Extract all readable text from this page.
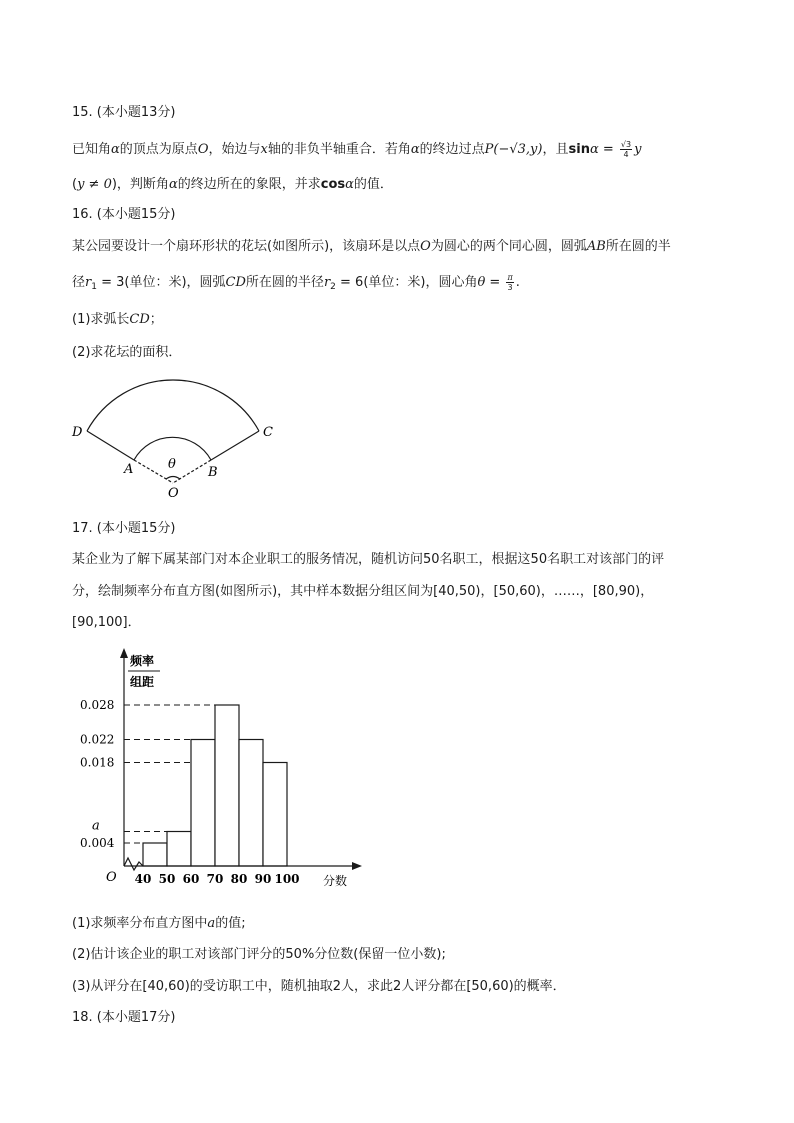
15. (本小题13分)
已知角α的顶点为原点O，始边与x轴的非负半轴重合．若角α的终边过点P(−√3,y)，且$\sin\alpha = \frac{√3}{4}$ y
(y ≠ 0)，判断角α的终边所在的象限，并求cosα的值．
16. (本小题15分)
某公园要设计一个扇环形状的花坛(如图所示)，该扇环是以点O为圆心的两个同心圆，圆弧AB所在圆的半
径$r_1 = 3$(单位：米)，圆弧CD所在圆的半径$r_2 = 6$(单位：米)，圆心角$\theta = \frac{\pi}{3}$ .
(1)求弧长CD；
(2)求花坛的面积．
D	C
A	B
O
θ
17. (本小题15分)
某企业为了解下属某部门对本企业职工的服务情况，随机访问50名职工，根据这50名职工对该部门的评
分，绘制频率分布直方图(如图所示)，其中样本数据分组区间为[40,50)，[50,60)，……，[80,90)，
[90,100]．
频率
组距
分数
O
0.028
0.022
0.018
a
0.004
40 50 60 70 80 90 100
(1)求频率分布直方图中a的值;
(2)估计该企业的职工对该部门评分的50%分位数(保留一位小数);
(3)从评分在[40,60)的受访职工中，随机抽取2人，求此2人评分都在[50,60)的概率．
18. (本小题17分)
